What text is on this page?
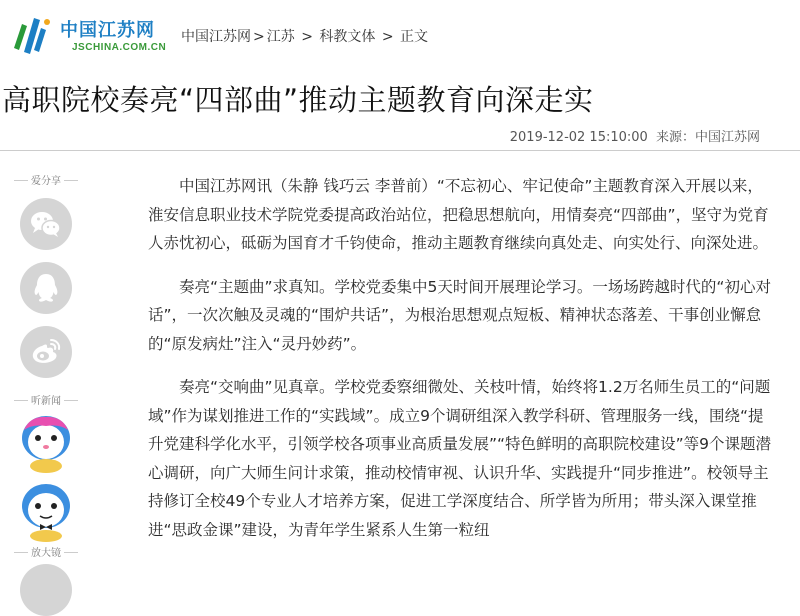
中国江苏网
JSCHINA.COM.CN
中国江苏网 > 江苏 > 科教文体 > 正文
高职院校奏亮“四部曲”推动主题教育向深走实
2019-12-02 15:10:00 来源：中国江苏网
爱分享
听新闻
放大镜

中国江苏网讯（朱静 钱巧云 李普前）“不忘初心、牢记使命”主题教育深入开展以来，淮安信息职业技术学院党委提高政治站位，把稳思想航向，用情奏亮“四部曲”，坚守为党育人赤忱初心，砥砺为国育才千钧使命，推动主题教育继续向真处走、向实处行、向深处进。

奏亮“主题曲”求真知。学校党委集中5天时间开展理论学习。一场场跨越时代的“初心对话”，一次次触及灵魂的“围炉共话”，为根治思想观点短板、精神状态落差、干事创业懈怠的“原发病灶”注入“灵丹妙药”。

奏亮“交响曲”见真章。学校党委察细微处、关枝叶情，始终将1.2万名师生员工的“问题域”作为谋划推进工作的“实践域”。成立9个调研组深入教学科研、管理服务一线，围绕“提升党建科学化水平，引领学校各项事业高质量发展”“特色鲜明的高职院校建设”等9个课题潜心调研，向广大师生问计求策，推动校情审视、认识升华、实践提升“同步推进”。校领导主持修订全校49个专业人才培养方案，促进工学深度结合、所学皆为所用；带头深入课堂推进“思政金课”建设，为青年学生紧系人生第一粒纽
